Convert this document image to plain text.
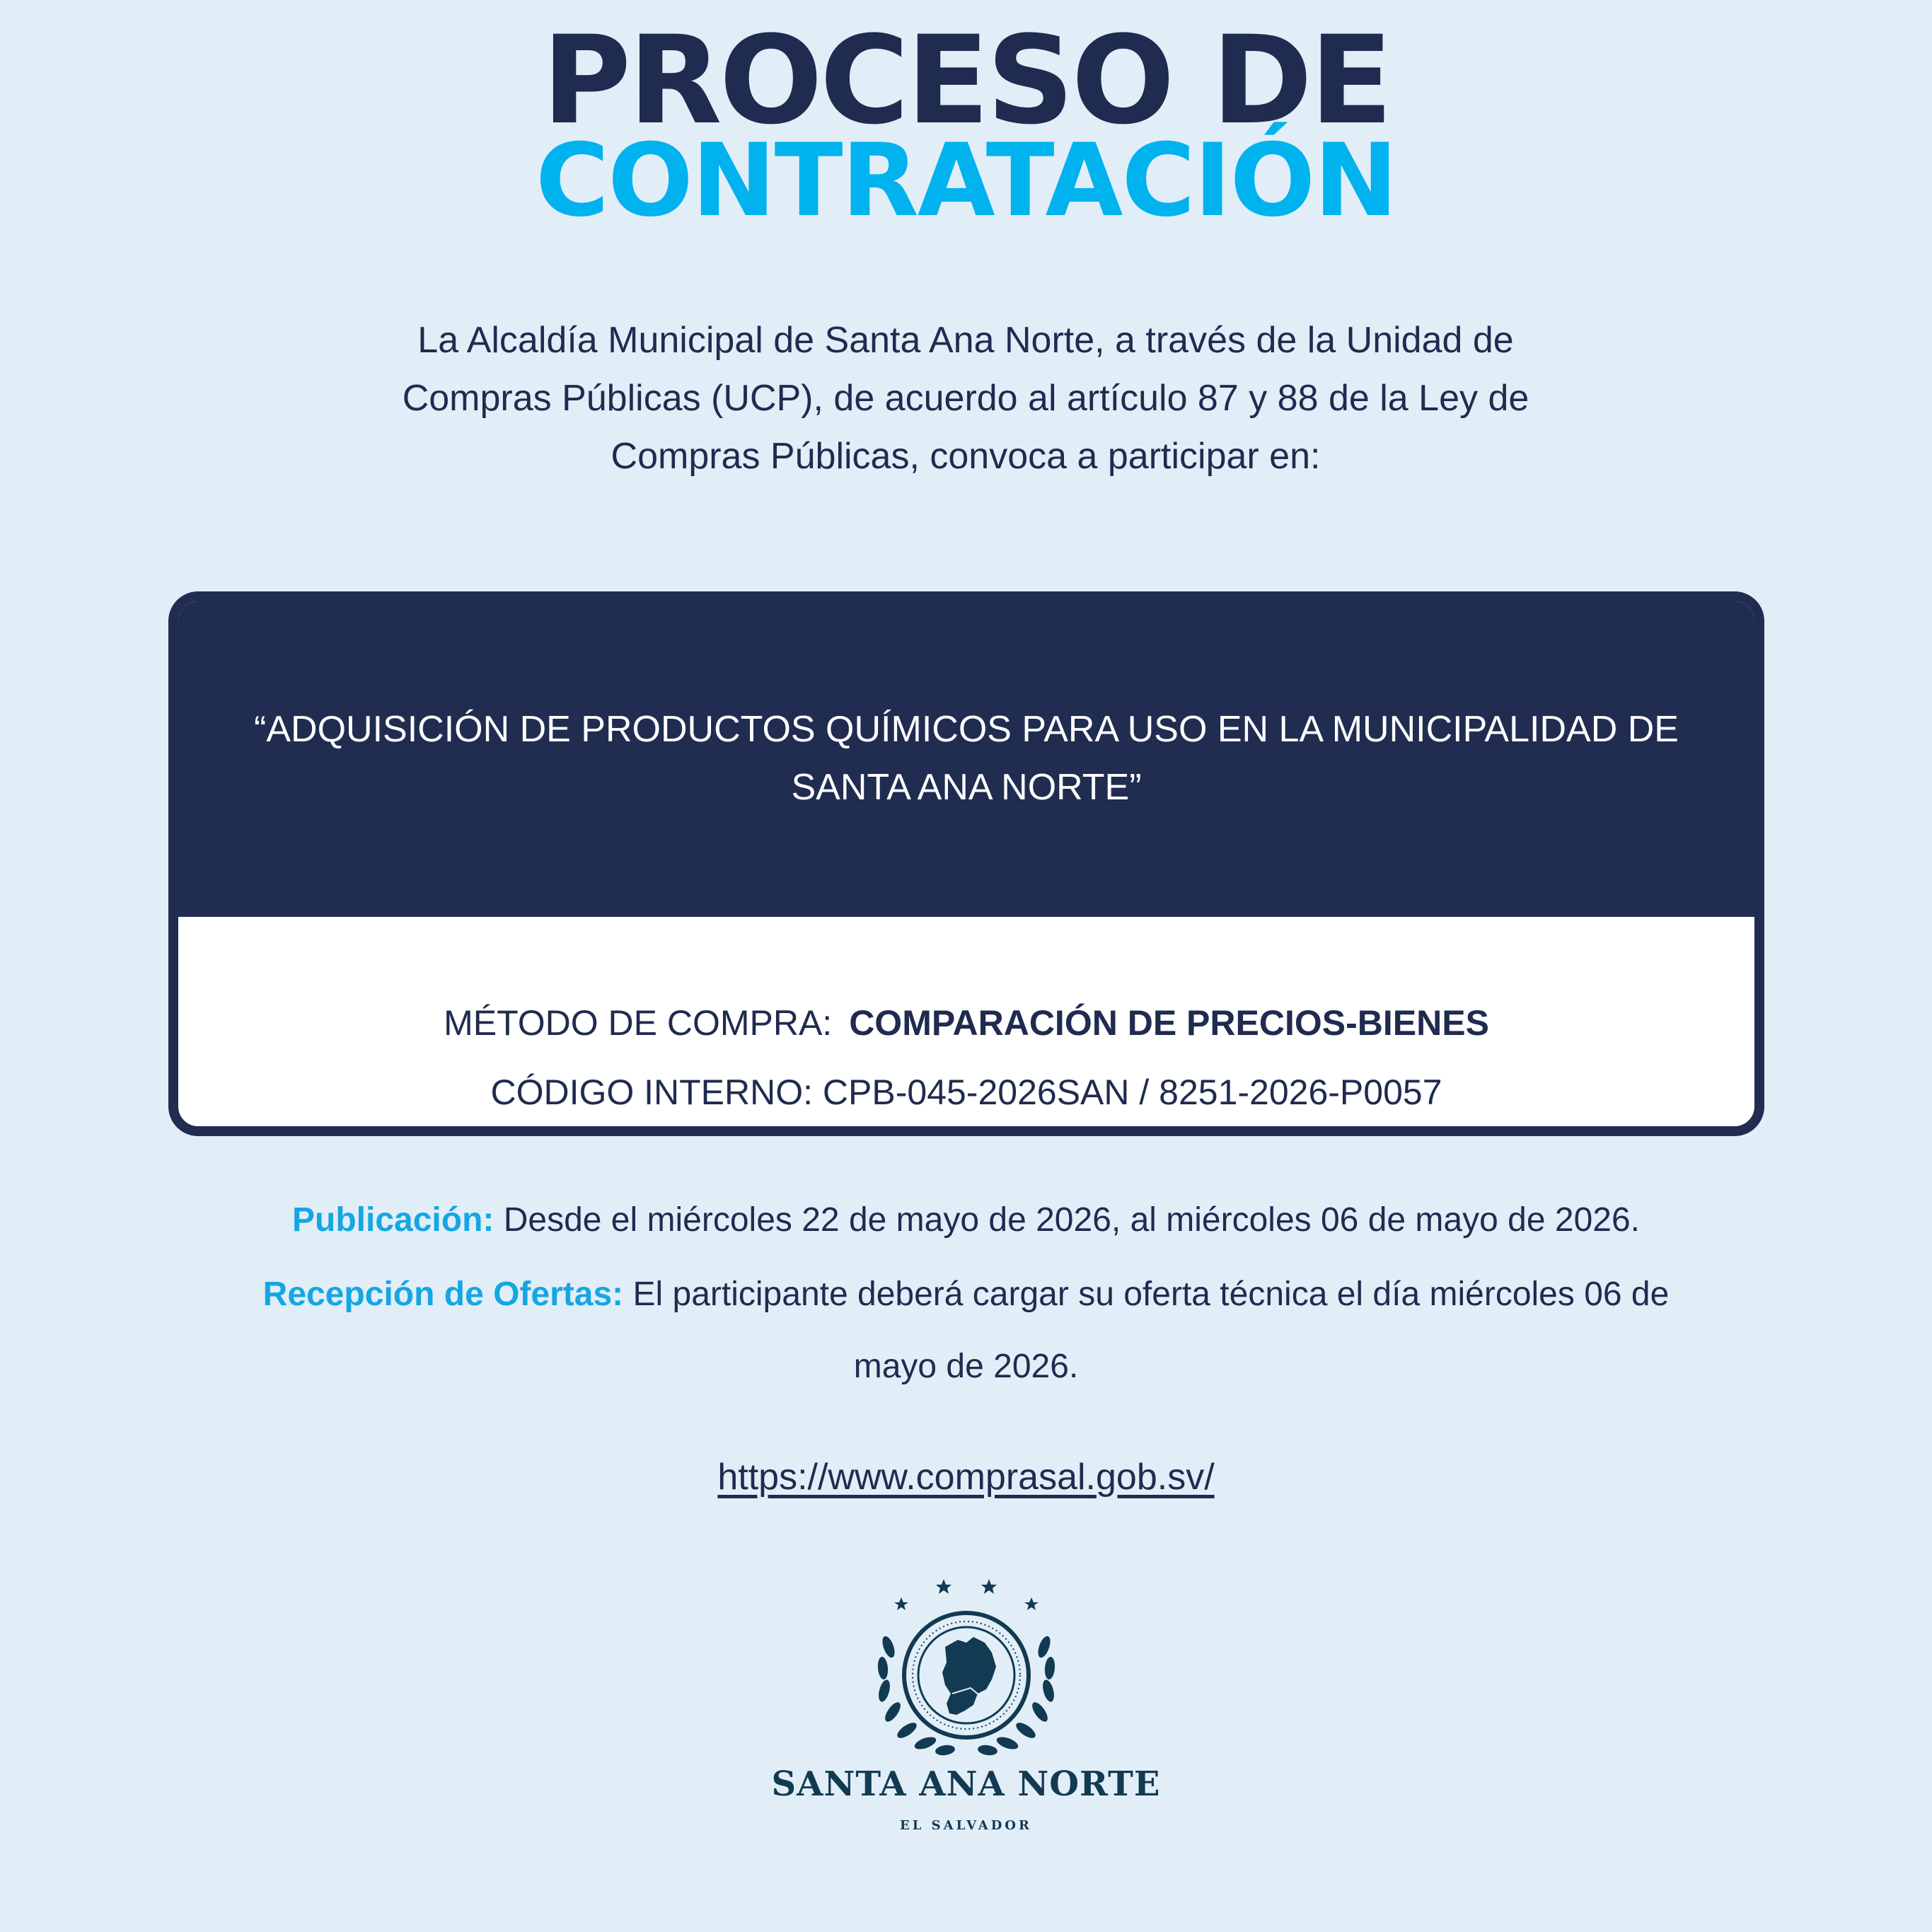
PROCESO DE
CONTRATACIÓN
La Alcaldía Municipal de Santa Ana Norte, a través de la Unidad de
Compras Públicas (UCP), de acuerdo al artículo 87 y 88 de la Ley de
Compras Públicas, convoca a participar en:
“ADQUISICIÓN DE PRODUCTOS QUÍMICOS PARA USO EN LA MUNICIPALIDAD DE
SANTA ANA NORTE”
MÉTODO DE COMPRA: COMPARACIÓN DE PRECIOS-BIENES
CÓDIGO INTERNO: CPB-045-2026SAN / 8251-2026-P0057
Publicación: Desde el miércoles 22 de mayo de 2026, al miércoles 06 de mayo de 2026.
Recepción de Ofertas: El participante deberá cargar su oferta técnica el día miércoles 06 de
mayo de 2026.
https://www.comprasal.gob.sv/
SANTA ANA NORTE
EL SALVADOR
